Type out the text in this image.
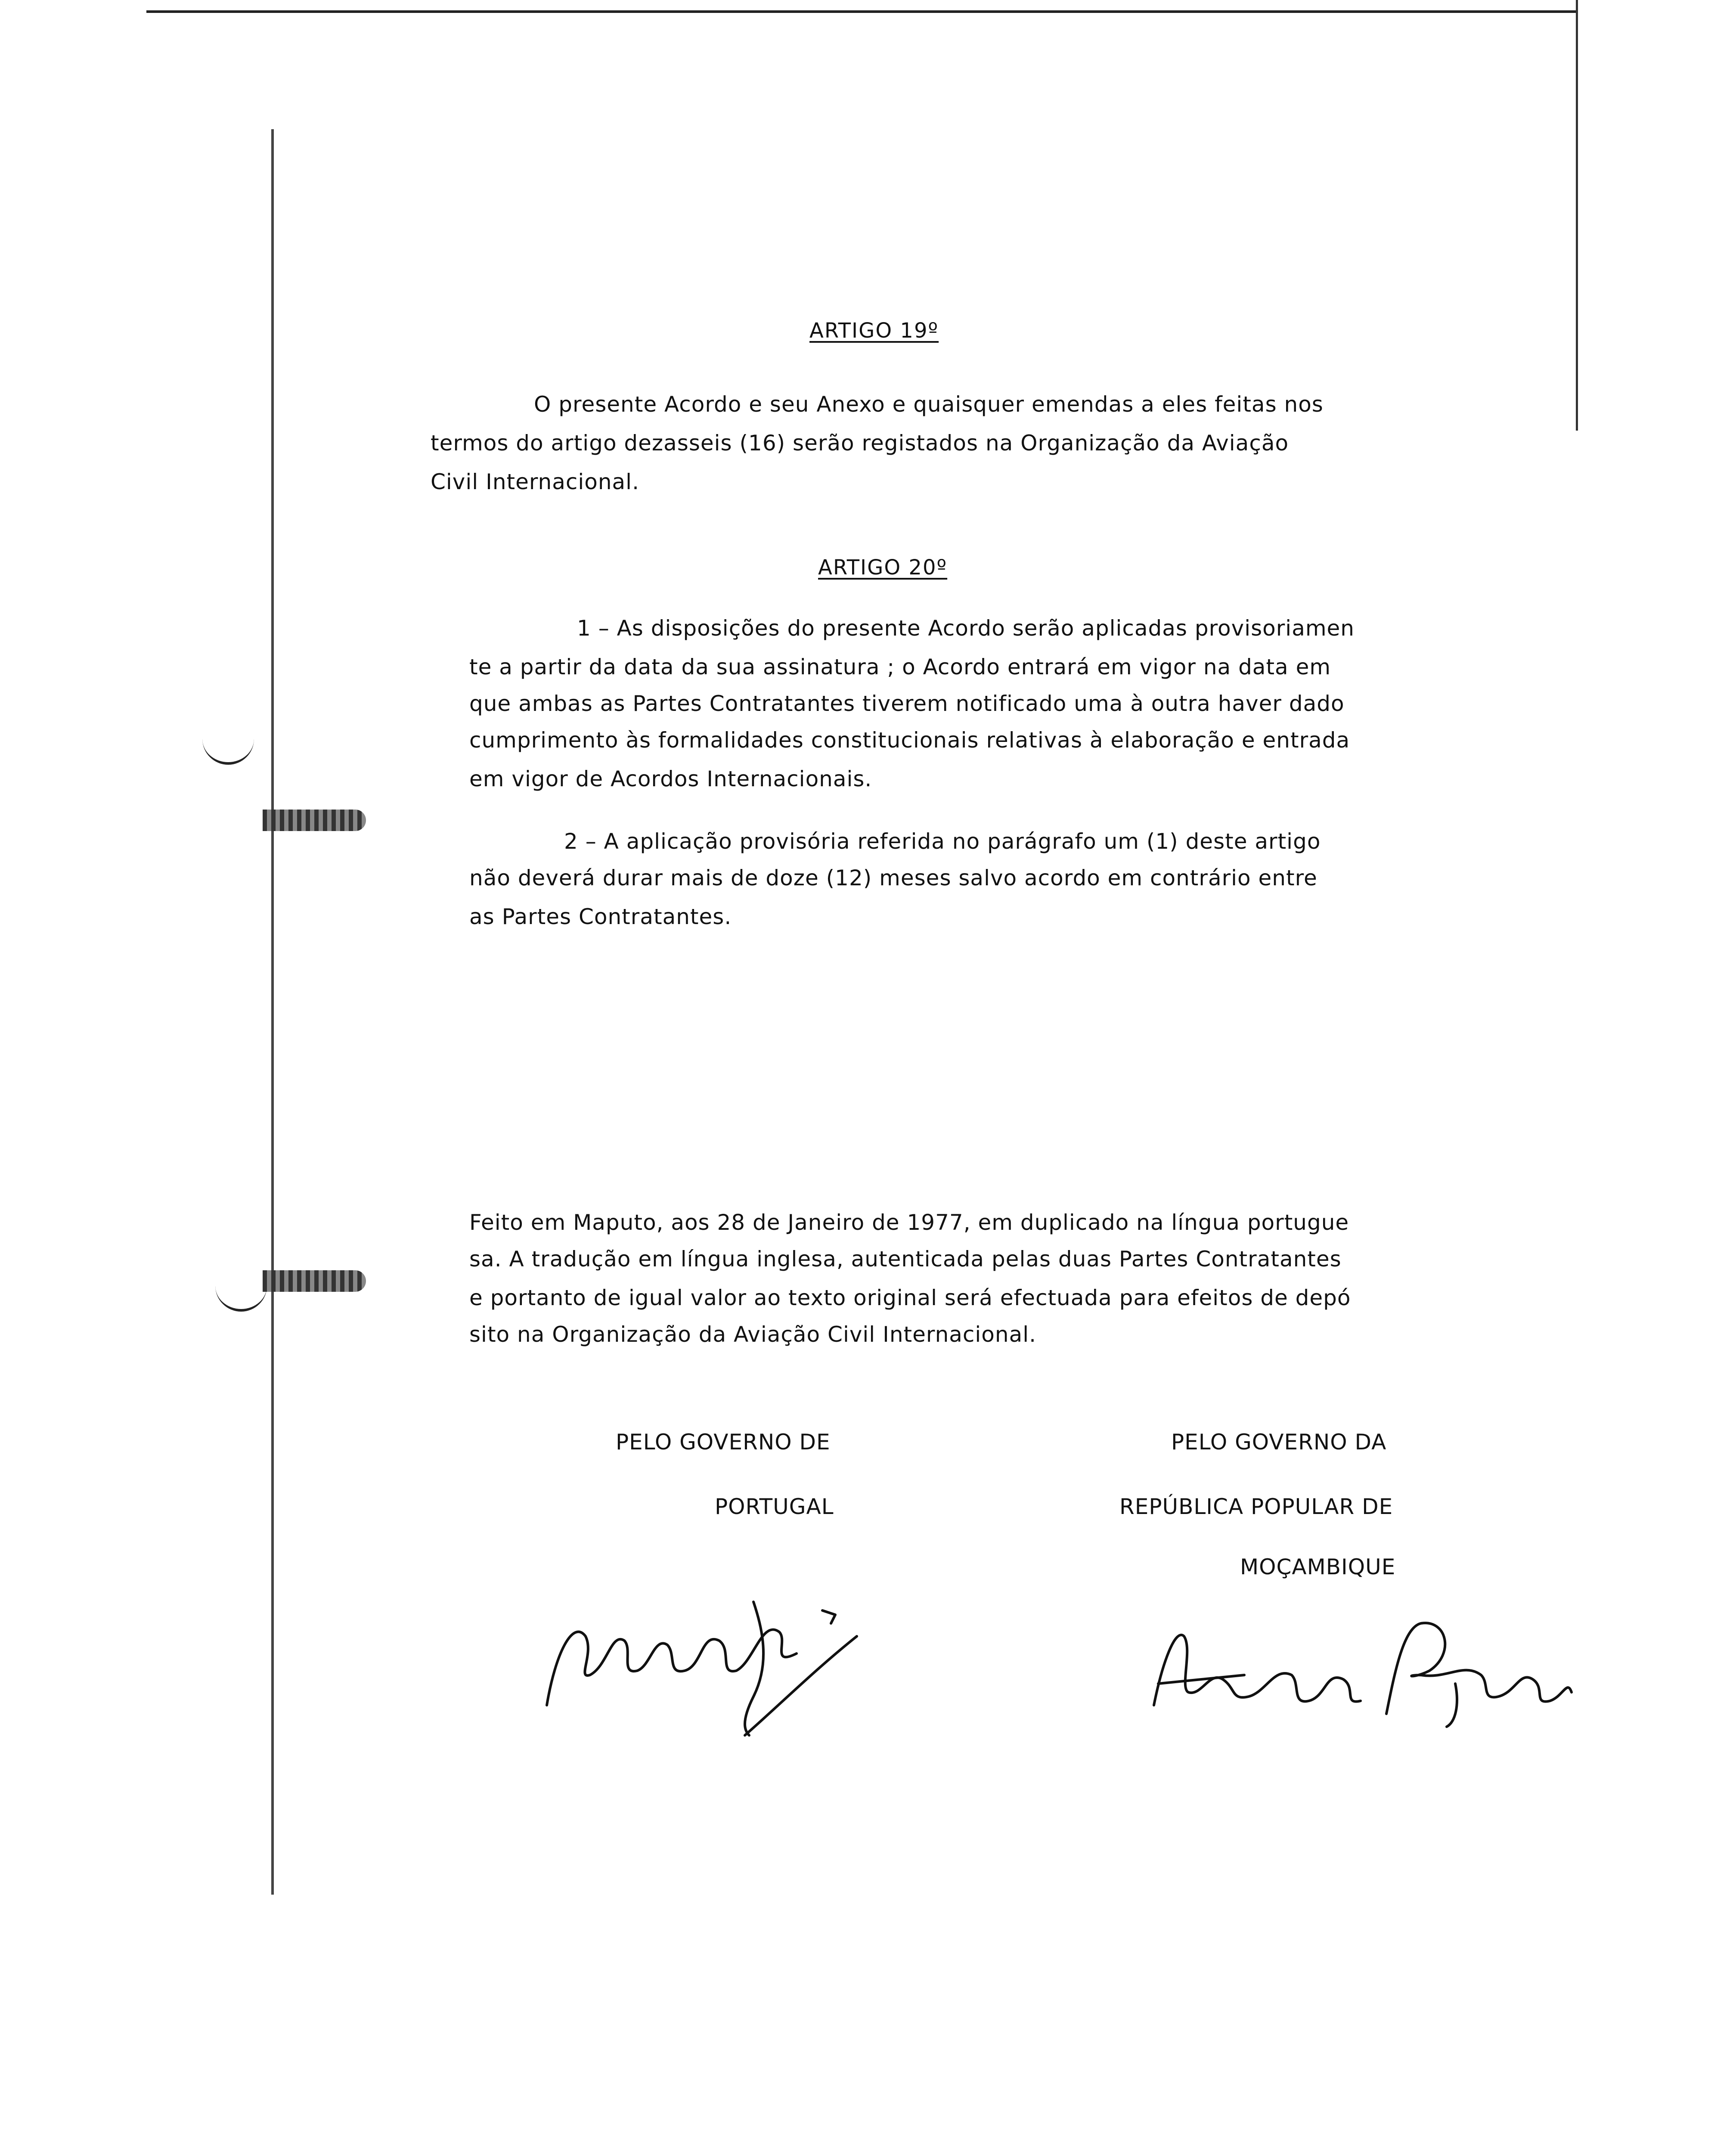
ARTIGO 19º
O presente Acordo e seu Anexo e quaisquer emendas a eles feitas nos
termos do artigo dezasseis (16) serão registados na Organização da Aviação
Civil Internacional.
ARTIGO 20º
1 – As disposições do presente Acordo serão aplicadas provisoriamen
te a partir da data da sua assinatura ; o Acordo entrará em vigor na data em
que ambas as Partes Contratantes tiverem notificado uma à outra haver dado
cumprimento às formalidades constitucionais relativas à elaboração e entrada
em vigor de Acordos Internacionais.
2 – A aplicação provisória referida no parágrafo um (1) deste artigo
não deverá durar mais de doze (12) meses salvo acordo em contrário entre
as Partes Contratantes.
Feito em Maputo, aos 28 de Janeiro de 1977, em duplicado na língua portugue
sa. A tradução em língua inglesa, autenticada pelas duas Partes Contratantes
e portanto de igual valor ao texto original será efectuada para efeitos de depó
sito na Organização da Aviação Civil Internacional.
PELO GOVERNO DE
PORTUGAL
PELO GOVERNO DA
REPÚBLICA POPULAR DE
MOÇAMBIQUE
